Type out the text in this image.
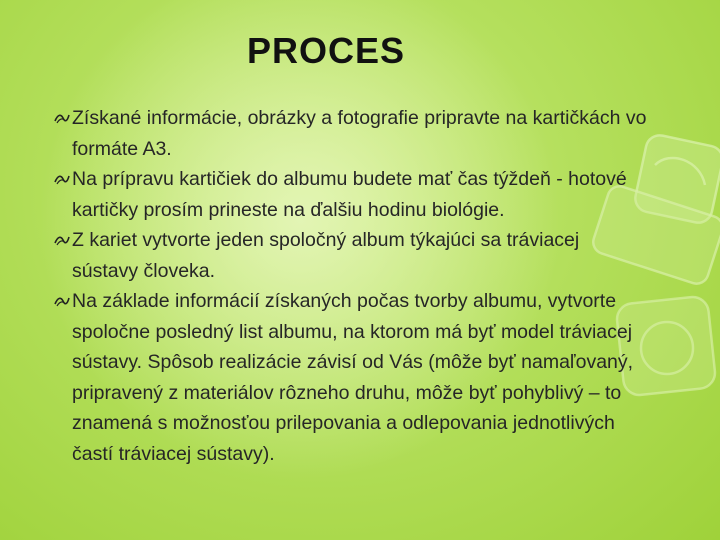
PROCES
Získané informácie, obrázky a fotografie pripravte na kartičkách vo formáte A3.
Na prípravu kartičiek do albumu budete mať čas týždeň - hotové kartičky prosím prineste na ďalšiu hodinu biológie.
Z kariet vytvorte jeden spoločný album týkajúci sa tráviacej sústavy človeka.
Na základe informácií získaných počas tvorby albumu, vytvorte spoločne posledný list albumu, na ktorom má byť model tráviacej sústavy. Spôsob realizácie závisí od Vás (môže byť namaľovaný, pripravený z materiálov rôzneho druhu, môže byť pohyblivý – to znamená s možnosťou prilepovania a odlepovania jednotlivých častí tráviacej sústavy).
